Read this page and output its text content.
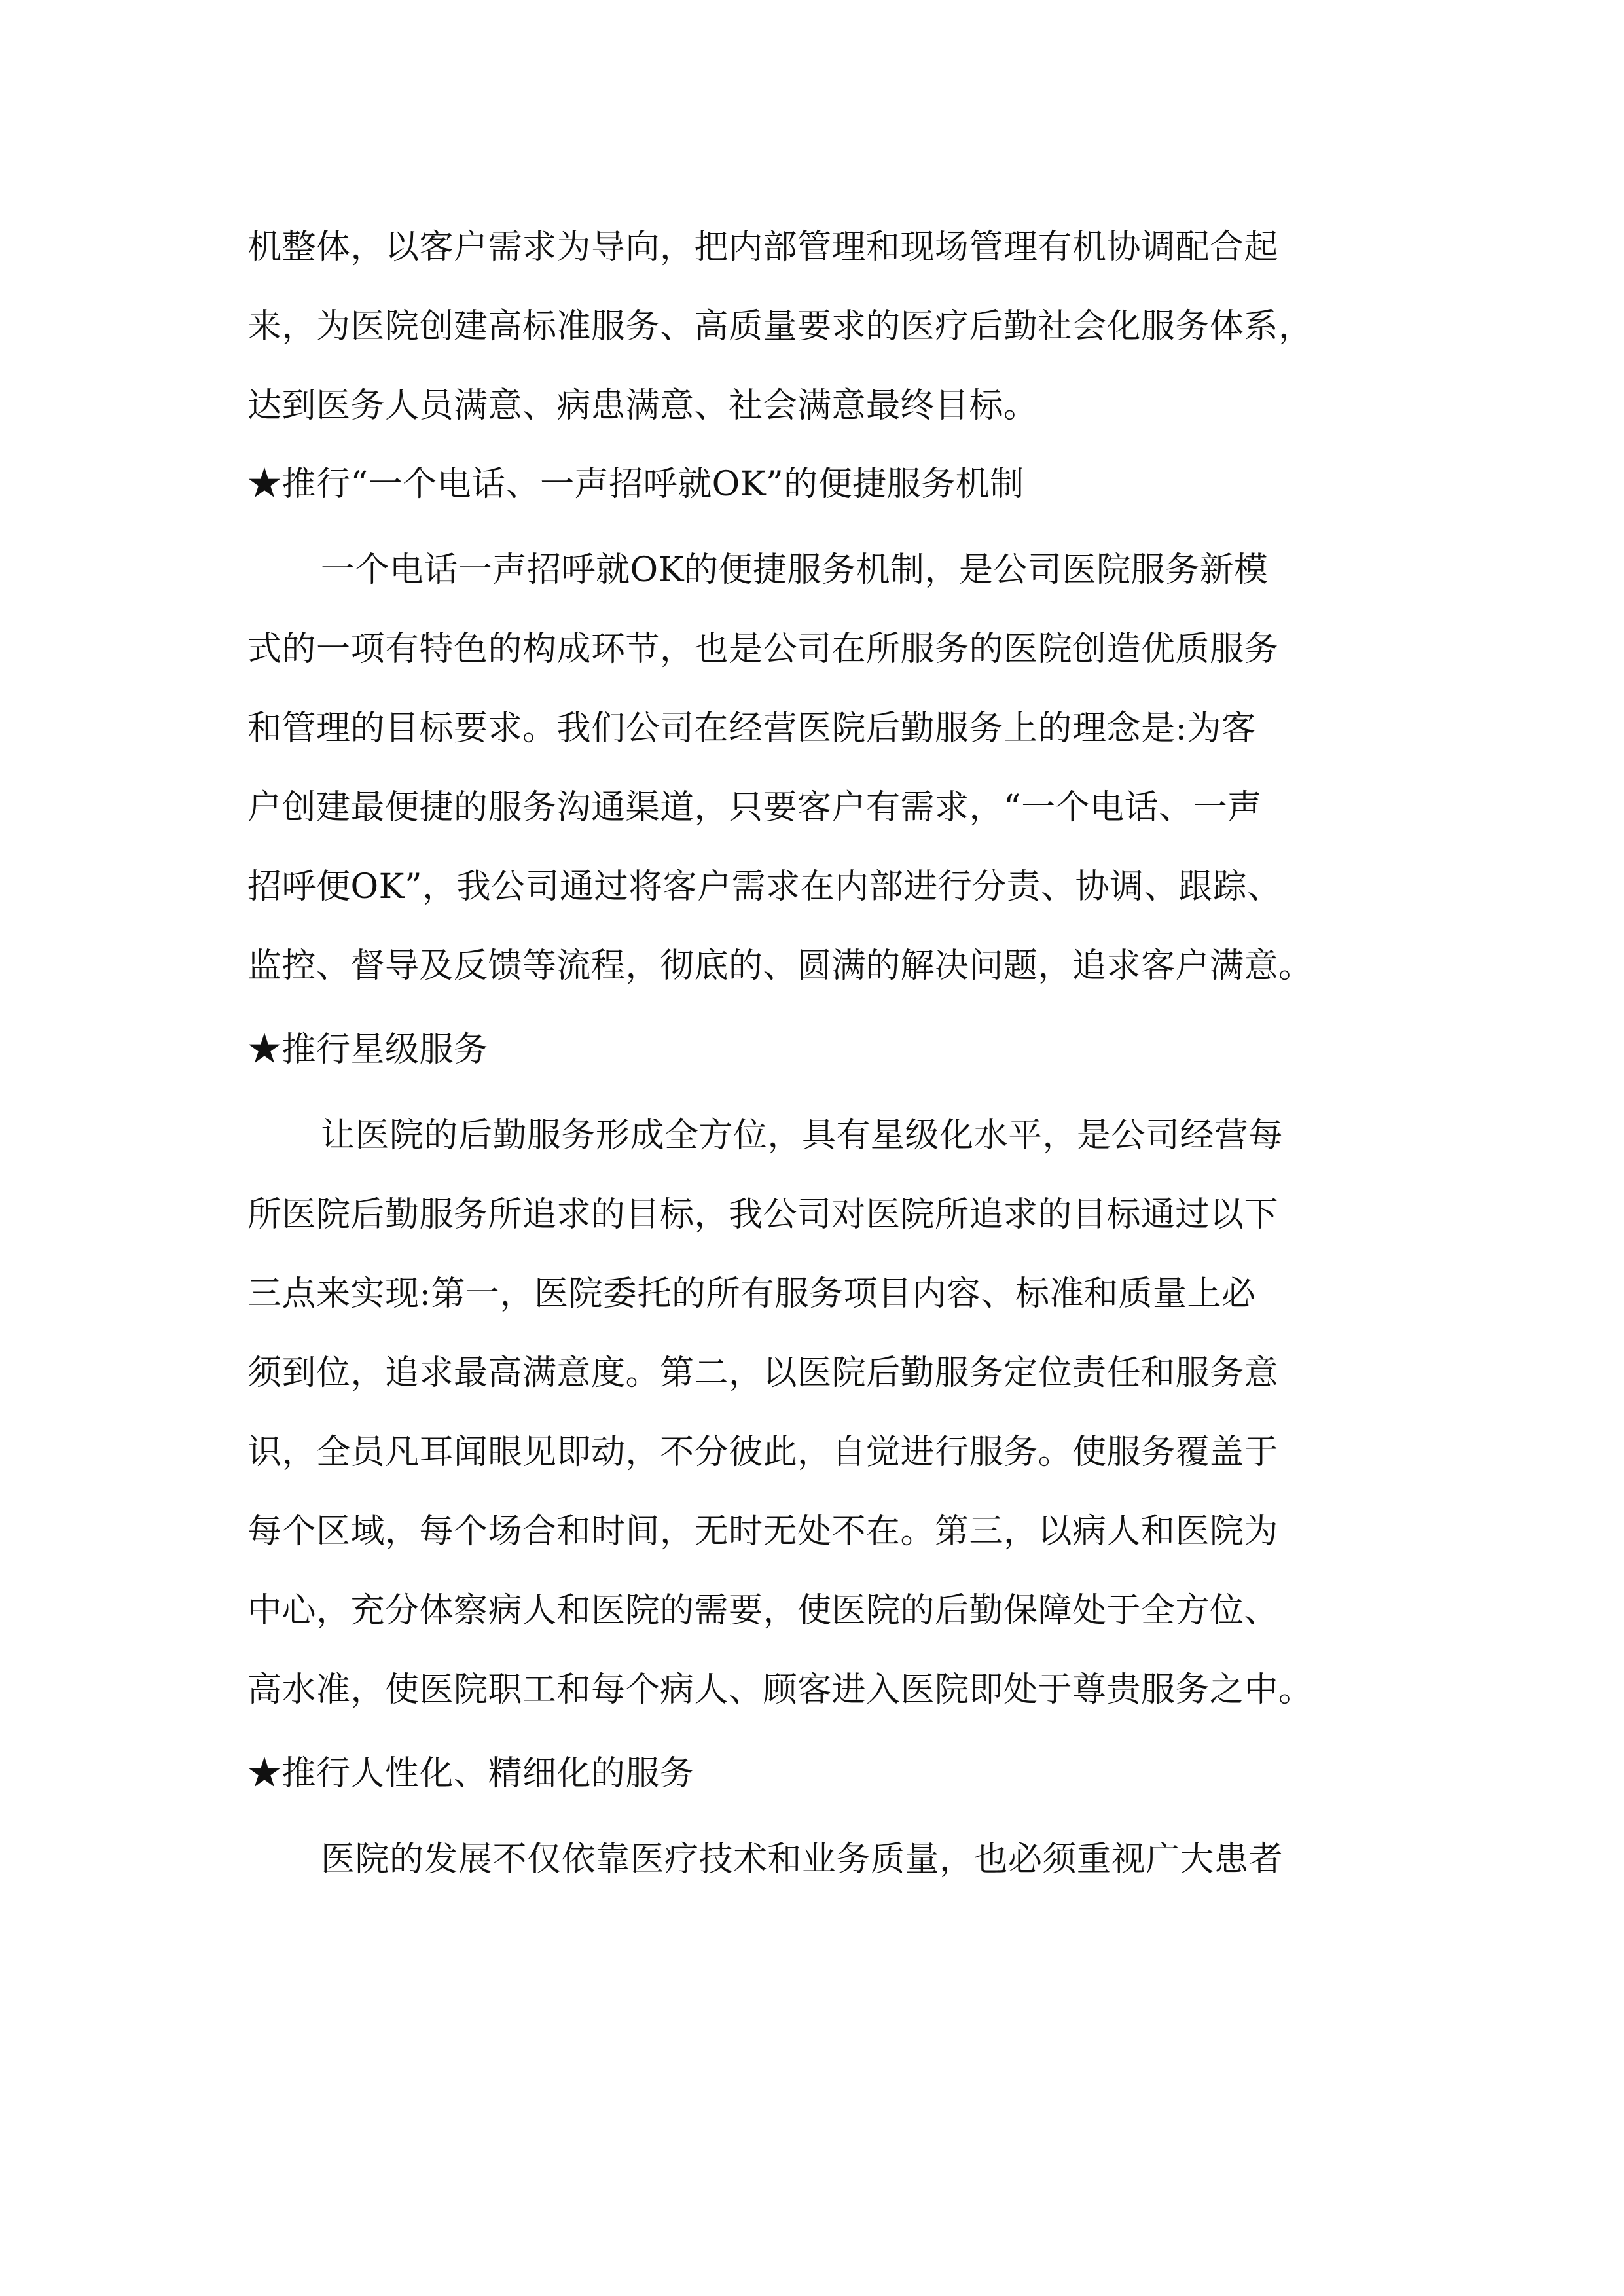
机整体，以客户需求为导向，把内部管理和现场管理有机协调配合起
来，为医院创建高标准服务、高质量要求的医疗后勤社会化服务体系，
达到医务人员满意、病患满意、社会满意最终目标。
★推行“一个电话、一声招呼就OK”的便捷服务机制
一个电话一声招呼就OK的便捷服务机制，是公司医院服务新模
式的一项有特色的构成环节，也是公司在所服务的医院创造优质服务
和管理的目标要求。我们公司在经营医院后勤服务上的理念是:为客
户创建最便捷的服务沟通渠道，只要客户有需求，“一个电话、一声
招呼便OK”，我公司通过将客户需求在内部进行分责、协调、跟踪、
监控、督导及反馈等流程，彻底的、圆满的解决问题，追求客户满意。
★推行星级服务
让医院的后勤服务形成全方位，具有星级化水平，是公司经营每
所医院后勤服务所追求的目标，我公司对医院所追求的目标通过以下
三点来实现:第一，医院委托的所有服务项目内容、标准和质量上必
须到位，追求最高满意度。第二，以医院后勤服务定位责任和服务意
识，全员凡耳闻眼见即动，不分彼此，自觉进行服务。使服务覆盖于
每个区域，每个场合和时间，无时无处不在。第三，以病人和医院为
中心，充分体察病人和医院的需要，使医院的后勤保障处于全方位、
高水准，使医院职工和每个病人、顾客进入医院即处于尊贵服务之中。
★推行人性化、精细化的服务
医院的发展不仅依靠医疗技术和业务质量，也必须重视广大患者
